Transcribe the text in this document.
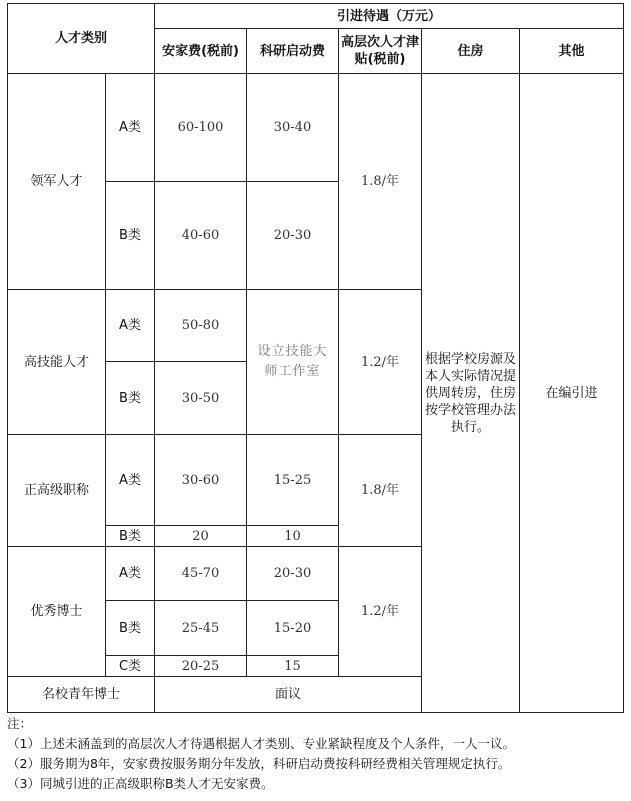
人才类别		引进待遇（万元）				
		安家费(税前)	科研启动费	高层次人才津贴(税前)	住房	其他
领军人才	A类	60-100	30-40	1.8/年	根据学校房源及本人实际情况提供周转房，住房按学校管理办法执行。	在编引进
	B类	40-60	20-30			
高技能人才	A类	50-80	设立技能大师工作室	1.2/年		
	B类	30-50				
正高级职称	A类	30-60	15-25	1.8/年		
	B类	20	10			
优秀博士	A类	45-70	20-30	1.2/年		
	B类	25-45	15-20			
	C类	20-25	15			
名校青年博士		面议				
注：
（1）上述未涵盖到的高层次人才待遇根据人才类别、专业紧缺程度及个人条件，一人一议。
（2）服务期为8年，安家费按服务期分年发放，科研启动费按科研经费相关管理规定执行。
（3）同城引进的正高级职称B类人才无安家费。
